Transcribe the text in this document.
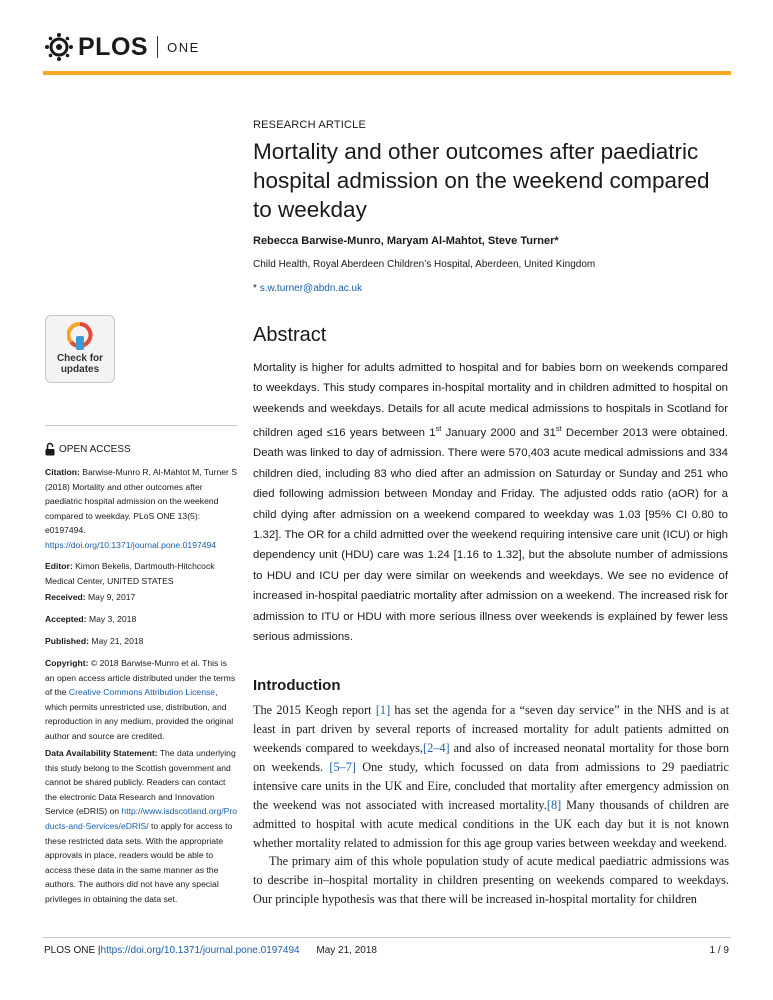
PLOS ONE
Check for updates
OPEN ACCESS

Citation: Barwise-Munro R, Al-Mahtot M, Turner S (2018) Mortality and other outcomes after paediatric hospital admission on the weekend compared to weekday. PLoS ONE 13(5): e0197494. https://doi.org/10.1371/journal.pone.0197494

Editor: Kimon Bekelis, Dartmouth-Hitchcock Medical Center, UNITED STATES

Received: May 9, 2017

Accepted: May 3, 2018

Published: May 21, 2018

Copyright: © 2018 Barwise-Munro et al. This is an open access article distributed under the terms of the Creative Commons Attribution License, which permits unrestricted use, distribution, and reproduction in any medium, provided the original author and source are credited.

Data Availability Statement: The data underlying this study belong to the Scottish government and cannot be shared publicly. Readers can contact the electronic Data Research and Innovation Service (eDRIS) on http://www.isdscotland.org/Products-and-Services/eDRIS/ to apply for access to these restricted data sets. With the appropriate approvals in place, readers would be able to access these data in the same manner as the authors. The authors did not have any special privileges in obtaining the data set.

RESEARCH ARTICLE
Mortality and other outcomes after paediatric hospital admission on the weekend compared to weekday
Rebecca Barwise-Munro, Maryam Al-Mahtot, Steve Turner*
Child Health, Royal Aberdeen Children’s Hospital, Aberdeen, United Kingdom
* s.w.turner@abdn.ac.uk
Abstract

Mortality is higher for adults admitted to hospital and for babies born on weekends compared to weekdays. This study compares in-hospital mortality and in children admitted to hospital on weekends and weekdays. Details for all acute medical admissions to hospitals in Scotland for children aged ≤16 years between 1st January 2000 and 31st December 2013 were obtained. Death was linked to day of admission. There were 570,403 acute medical admissions and 334 children died, including 83 who died after an admission on Saturday or Sunday and 251 who died following admission between Monday and Friday. The adjusted odds ratio (aOR) for a child dying after admission on a weekend compared to weekday was 1.03 [95% CI 0.80 to 1.32]. The OR for a child admitted over the weekend requiring intensive care unit (ICU) or high dependency unit (HDU) care was 1.24 [1.16 to 1.32], but the absolute number of admissions to HDU and ICU per day were similar on weekends and weekdays. We see no evidence of increased in-hospital paediatric mortality after admission on a weekend. The increased risk for admission to ITU or HDU with more serious illness over weekends is explained by fewer less serious admissions.

Introduction

The 2015 Keogh report [1] has set the agenda for a “seven day service” in the NHS and is at least in part driven by several reports of increased mortality for adult patients admitted on weekends compared to weekdays,[2–4] and also of increased neonatal mortality for those born on weekends. [5–7] One study, which focussed on data from admissions to 29 paediatric intensive care units in the UK and Eire, concluded that mortality after emergency admission on the weekend was not associated with increased mortality.[8] Many thousands of children are admitted to hospital with acute medical conditions in the UK each day but it is not known whether mortality related to admission for this age group varies between weekday and weekend.

The primary aim of this whole population study of acute medical paediatric admissions was to describe in–hospital mortality in children presenting on weekends compared to weekdays. Our principle hypothesis was that there will be increased in-hospital mortality for children

PLOS ONE |https://doi.org/10.1371/journal.pone.0197494 May 21, 2018	1 / 9
